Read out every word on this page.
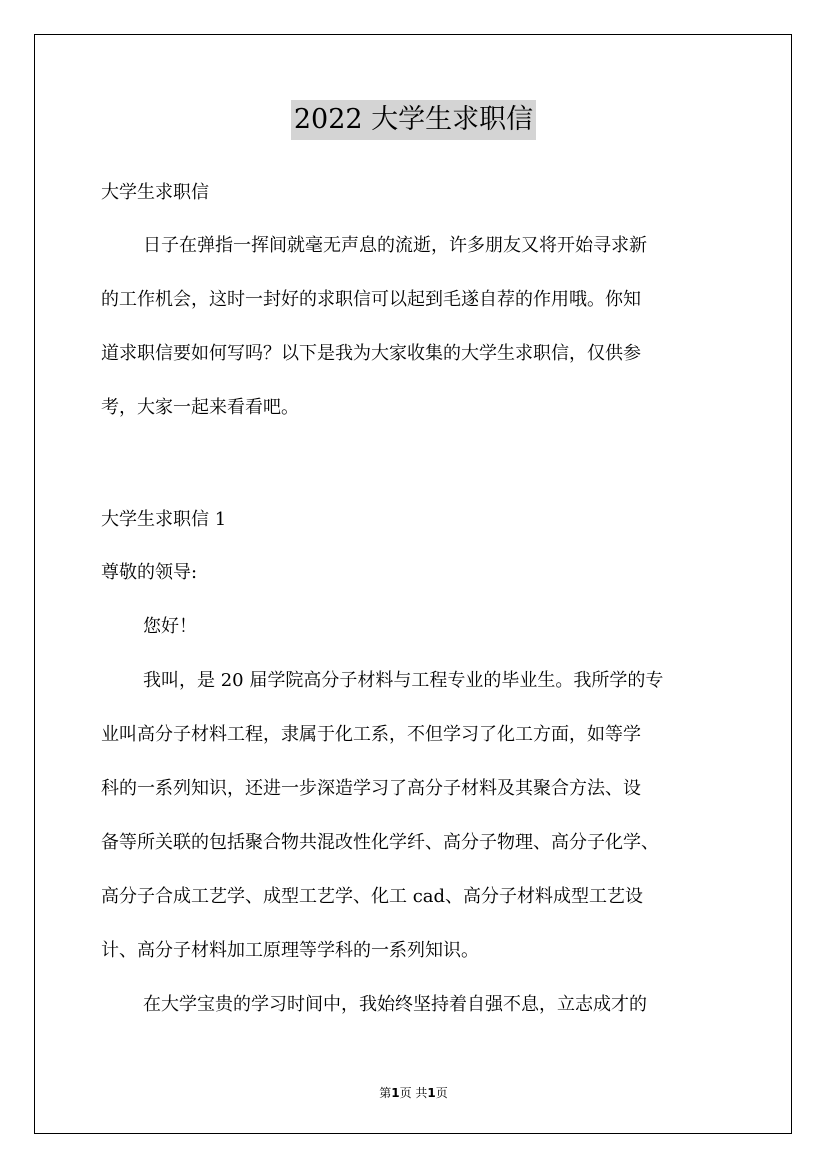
2022 大学生求职信
大学生求职信
日子在弹指一挥间就毫无声息的流逝，许多朋友又将开始寻求新
的工作机会，这时一封好的求职信可以起到毛遂自荐的作用哦。你知
道求职信要如何写吗？以下是我为大家收集的大学生求职信，仅供参
考，大家一起来看看吧。
大学生求职信 1
尊敬的领导:
您好！
我叫，是 20 届学院高分子材料与工程专业的毕业生。我所学的专
业叫高分子材料工程，隶属于化工系，不但学习了化工方面，如等学
科的一系列知识，还进一步深造学习了高分子材料及其聚合方法、设
备等所关联的包括聚合物共混改性化学纤、高分子物理、高分子化学、
高分子合成工艺学、成型工艺学、化工 cad、高分子材料成型工艺设
计、高分子材料加工原理等学科的一系列知识。
在大学宝贵的学习时间中，我始终坚持着自强不息，立志成才的
第1页 共1页
